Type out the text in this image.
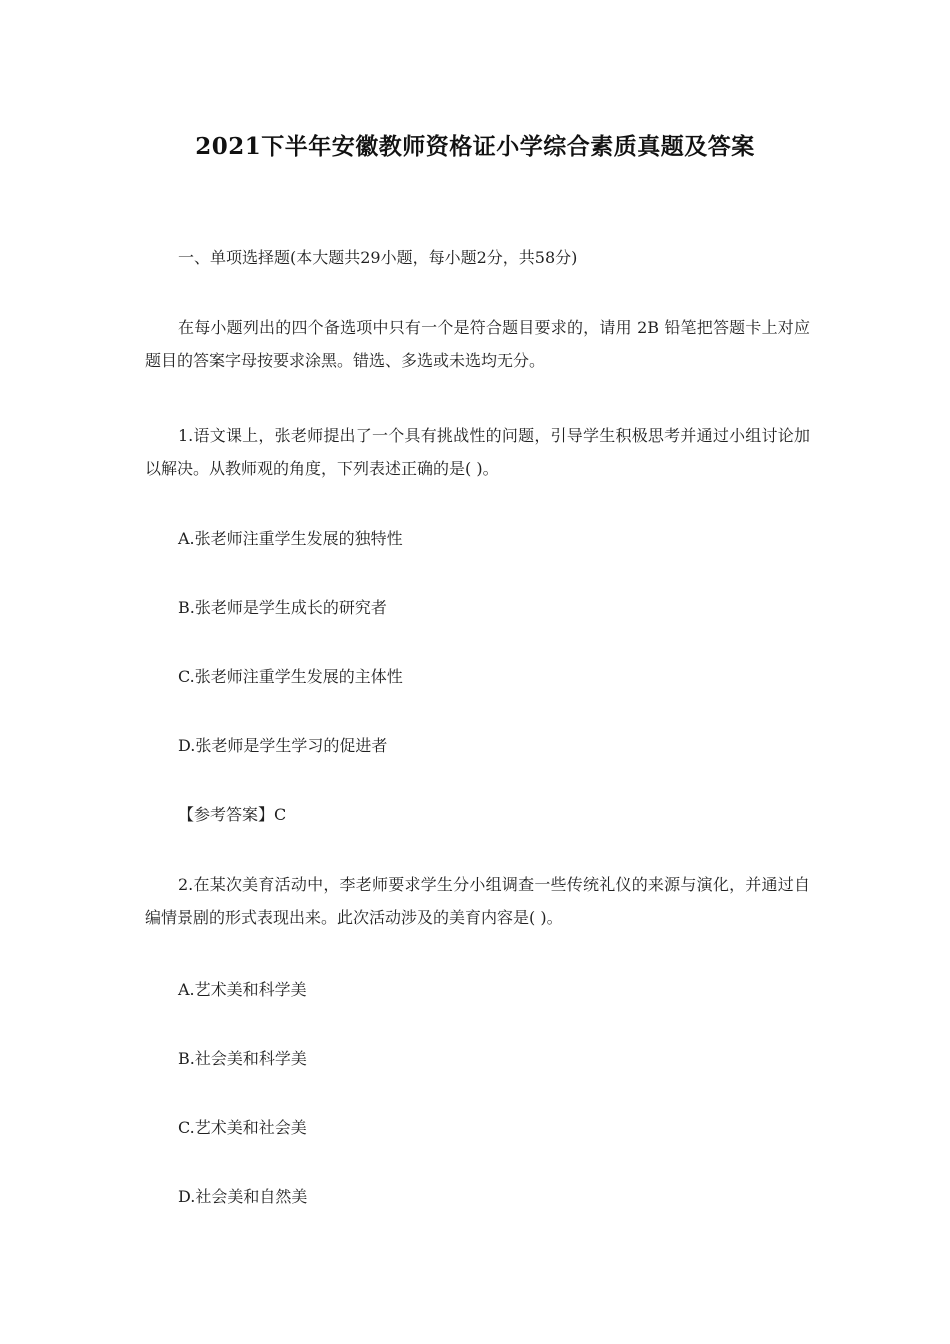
2021下半年安徽教师资格证小学综合素质真题及答案
一、单项选择题(本大题共29小题，每小题2分，共58分)
在每小题列出的四个备选项中只有一个是符合题目要求的，请用 2B 铅笔把答题卡上对应题目的答案字母按要求涂黑。错选、多选或未选均无分。
1.语文课上，张老师提出了一个具有挑战性的问题，引导学生积极思考并通过小组讨论加以解决。从教师观的角度，下列表述正确的是( )。
A.张老师注重学生发展的独特性
B.张老师是学生成长的研究者
C.张老师注重学生发展的主体性
D.张老师是学生学习的促进者
【参考答案】C
2.在某次美育活动中，李老师要求学生分小组调查一些传统礼仪的来源与演化，并通过自编情景剧的形式表现出来。此次活动涉及的美育内容是( )。
A.艺术美和科学美
B.社会美和科学美
C.艺术美和社会美
D.社会美和自然美
